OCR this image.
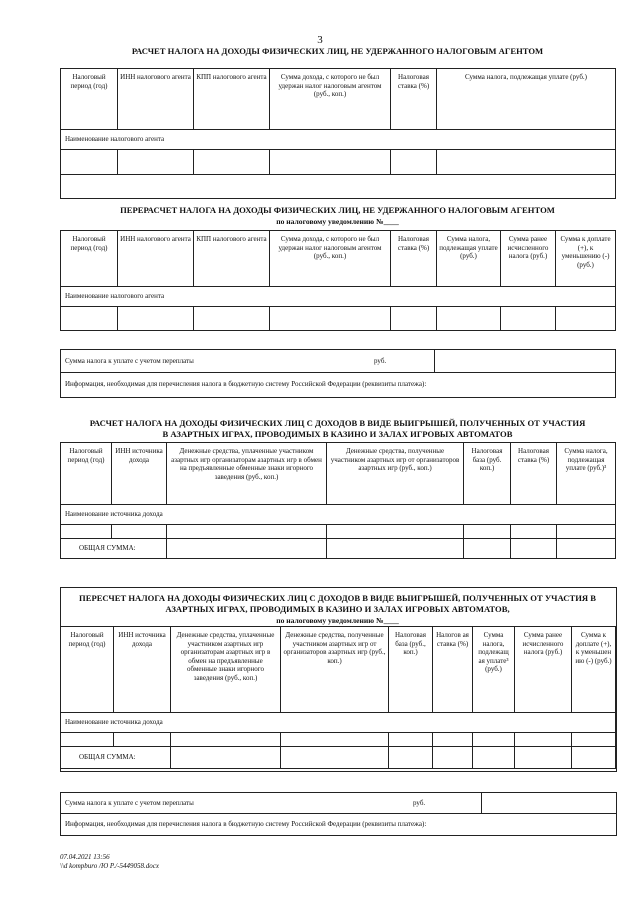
3
РАСЧЕТ НАЛОГА НА ДОХОДЫ ФИЗИЧЕСКИХ ЛИЦ, НЕ УДЕРЖАННОГО НАЛОГОВЫМ АГЕНТОМ
Налоговый период (год)	ИНН налогового агента	КПП налогового агента	Сумма дохода, с которого не был удержан налог налоговым агентом (руб., коп.)	Налоговая ставка (%)	Сумма налога, подлежащая уплате (руб.)
Наименование налогового агента					

ПЕРЕРАСЧЕТ НАЛОГА НА ДОХОДЫ ФИЗИЧЕСКИХ ЛИЦ, НЕ УДЕРЖАННОГО НАЛОГОВЫМ АГЕНТОМ
по налоговому уведомлению №____
Налоговый период (год)	ИНН налогового агента	КПП налогового агента	Сумма дохода, с которого не был удержан налог налоговым агентом (руб., коп.)	Налоговая ставка (%)	Сумма налога, подлежащая уплате (руб.)	Сумма ранее исчисленного налога (руб.)	Сумма к доплате (+), к уменьшению (-) (руб.)
Наименование налогового агента							

Сумма налога к уплате с учетом переплаты	руб.
Информация, необходимая для перечисления налога в бюджетную систему Российской Федерации (реквизиты платежа):
РАСЧЕТ НАЛОГА НА ДОХОДЫ ФИЗИЧЕСКИХ ЛИЦ С ДОХОДОВ В ВИДЕ ВЫИГРЫШЕЙ, ПОЛУЧЕННЫХ ОТ УЧАСТИЯ
В АЗАРТНЫХ ИГРАХ, ПРОВОДИМЫХ В КАЗИНО И ЗАЛАХ ИГРОВЫХ АВТОМАТОВ
Налоговый период (год)	ИНН источника дохода	Денежные средства, уплаченные участником азартных игр организаторам азартных игр в обмен на предъявленные обменные знаки игорного заведения (руб., коп.)	Денежные средства, полученные участником азартных игр от организаторов азартных игр (руб., коп.)	Налоговая база (руб. коп.)	Налоговая ставка (%)	Сумма налога, подлежащая уплате (руб.)³
Наименование источника дохода						

ОБЩАЯ СУММА:						
ПЕРЕСЧЕТ НАЛОГА НА ДОХОДЫ ФИЗИЧЕСКИХ ЛИЦ С ДОХОДОВ В ВИДЕ ВЫИГРЫШЕЙ, ПОЛУЧЕННЫХ ОТ УЧАСТИЯ В
АЗАРТНЫХ ИГРАХ, ПРОВОДИМЫХ В КАЗИНО И ЗАЛАХ ИГРОВЫХ АВТОМАТОВ,
по налоговому уведомлению №____
Налоговый период (год)	ИНН источника дохода	Денежные средства, уплаченные участником азартных игр организаторам азартных игр в обмен на предъявленные обменные знаки игорного заведения (руб., коп.)	Денежные средства, полученные участником азартных игр от организаторов азартных игр (руб., коп.)	Налоговая база (руб., коп.)	Налогов ая ставка (%)	Сумма налога, подлежащ ая уплате³ (руб.)	Сумма ранее исчисленного налога (руб.)	Сумма к доплате (+), к уменьшен ию (-) (руб.)
Наименование источника дохода								

ОБЩАЯ СУММА:								
Сумма налога к уплате с учетом переплаты	руб.
Информация, необходимая для перечисления налога в бюджетную систему Российской Федерации (реквизиты платежа):
07.04.2021 13:56
\\d kompburo /Ю Р./-5449058.docx
